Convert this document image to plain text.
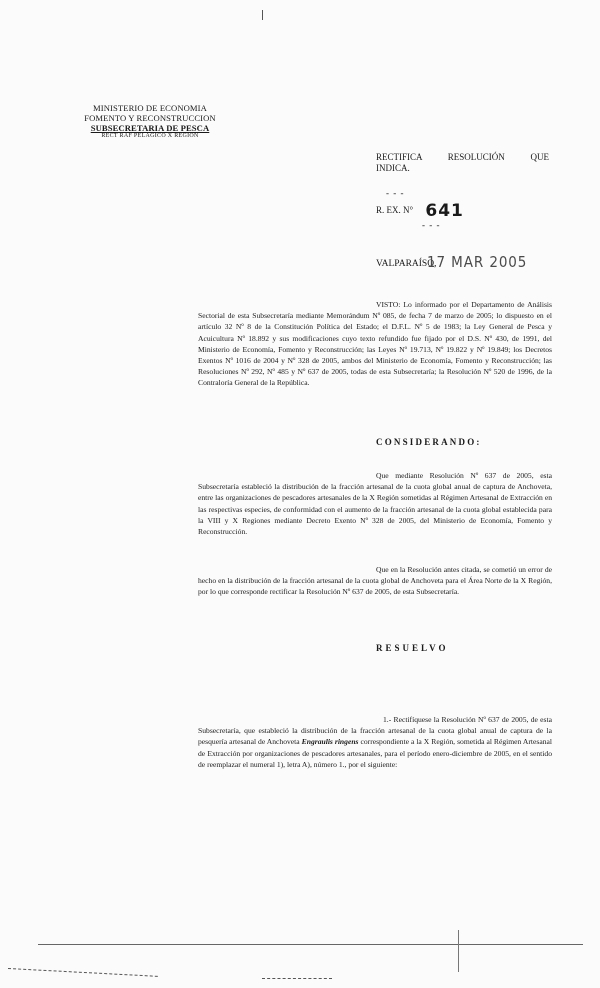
MINISTERIO DE ECONOMIA
FOMENTO Y RECONSTRUCCION
SUBSECRETARIA DE PESCA
RECT RAF PELAGICO X REGION
RECTIFICA RESOLUCIÓN QUE
INDICA.
- - -
R. EX. N° 641
- - -
VALPARAÍSO,
17 MAR 2005
VISTO: Lo informado por el Departamento de Análisis Sectorial de esta Subsecretaría mediante Memorándum Nº 085, de fecha 7 de marzo de 2005; lo dispuesto en el artículo 32 Nº 8 de la Constitución Política del Estado; el D.F.L. Nº 5 de 1983; la Ley General de Pesca y Acuicultura Nº 18.892 y sus modificaciones cuyo texto refundido fue fijado por el D.S. Nº 430, de 1991, del Ministerio de Economía, Fomento y Reconstrucción; las Leyes Nº 19.713, Nº 19.822 y Nº 19.849; los Decretos Exentos Nº 1016 de 2004 y Nº 328 de 2005, ambos del Ministerio de Economía, Fomento y Reconstrucción; las Resoluciones Nº 292, Nº 485 y Nº 637 de 2005, todas de esta Subsecretaría; la Resolución Nº 520 de 1996, de la Contraloría General de la República.
CONSIDERANDO:
Que mediante Resolución Nº 637 de 2005, esta Subsecretaría estableció la distribución de la fracción artesanal de la cuota global anual de captura de Anchoveta, entre las organizaciones de pescadores artesanales de la X Región sometidas al Régimen Artesanal de Extracción en las respectivas especies, de conformidad con el aumento de la fracción artesanal de la cuota global establecida para la VIII y X Regiones mediante Decreto Exento Nº 328 de 2005, del Ministerio de Economía, Fomento y Reconstrucción.
Que en la Resolución antes citada, se cometió un error de hecho en la distribución de la fracción artesanal de la cuota global de Anchoveta para el Área Norte de la X Región, por lo que corresponde rectificar la Resolución Nº 637 de 2005, de esta Subsecretaría.
RESUELVO
1.- Rectifíquese la Resolución Nº 637 de 2005, de esta Subsecretaría, que estableció la distribución de la fracción artesanal de la cuota global anual de captura de la pesquería artesanal de Anchoveta Engraulis ringens correspondiente a la X Región, sometida al Régimen Artesanal de Extracción por organizaciones de pescadores artesanales, para el período enero-diciembre de 2005, en el sentido de reemplazar el numeral 1), letra A), número 1., por el siguiente:
